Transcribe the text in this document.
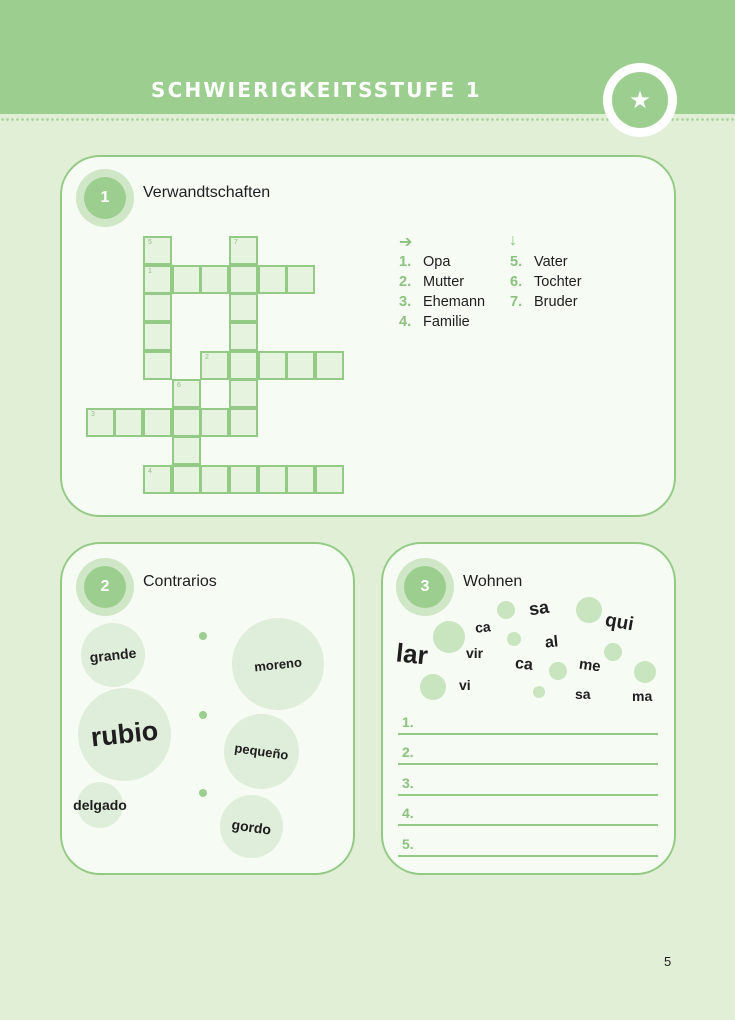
SCHWIERIGKEITSSTUFE 1	★
1	Verwandtschaften
5	7
1
2
6
3
4
➔	↓
1. Opa
2. Mutter
3. Ehemann
4. Familie
5. Vater
6. Tochter
7. Bruder
2	Contrarios
grande
rubio
delgado
moreno
pequeño
gordo
3	Wohnen
sa
qui
ca
al
lar	vir
ca	me
vi
sa	ma
1.
2.
3.
4.
5.
5
